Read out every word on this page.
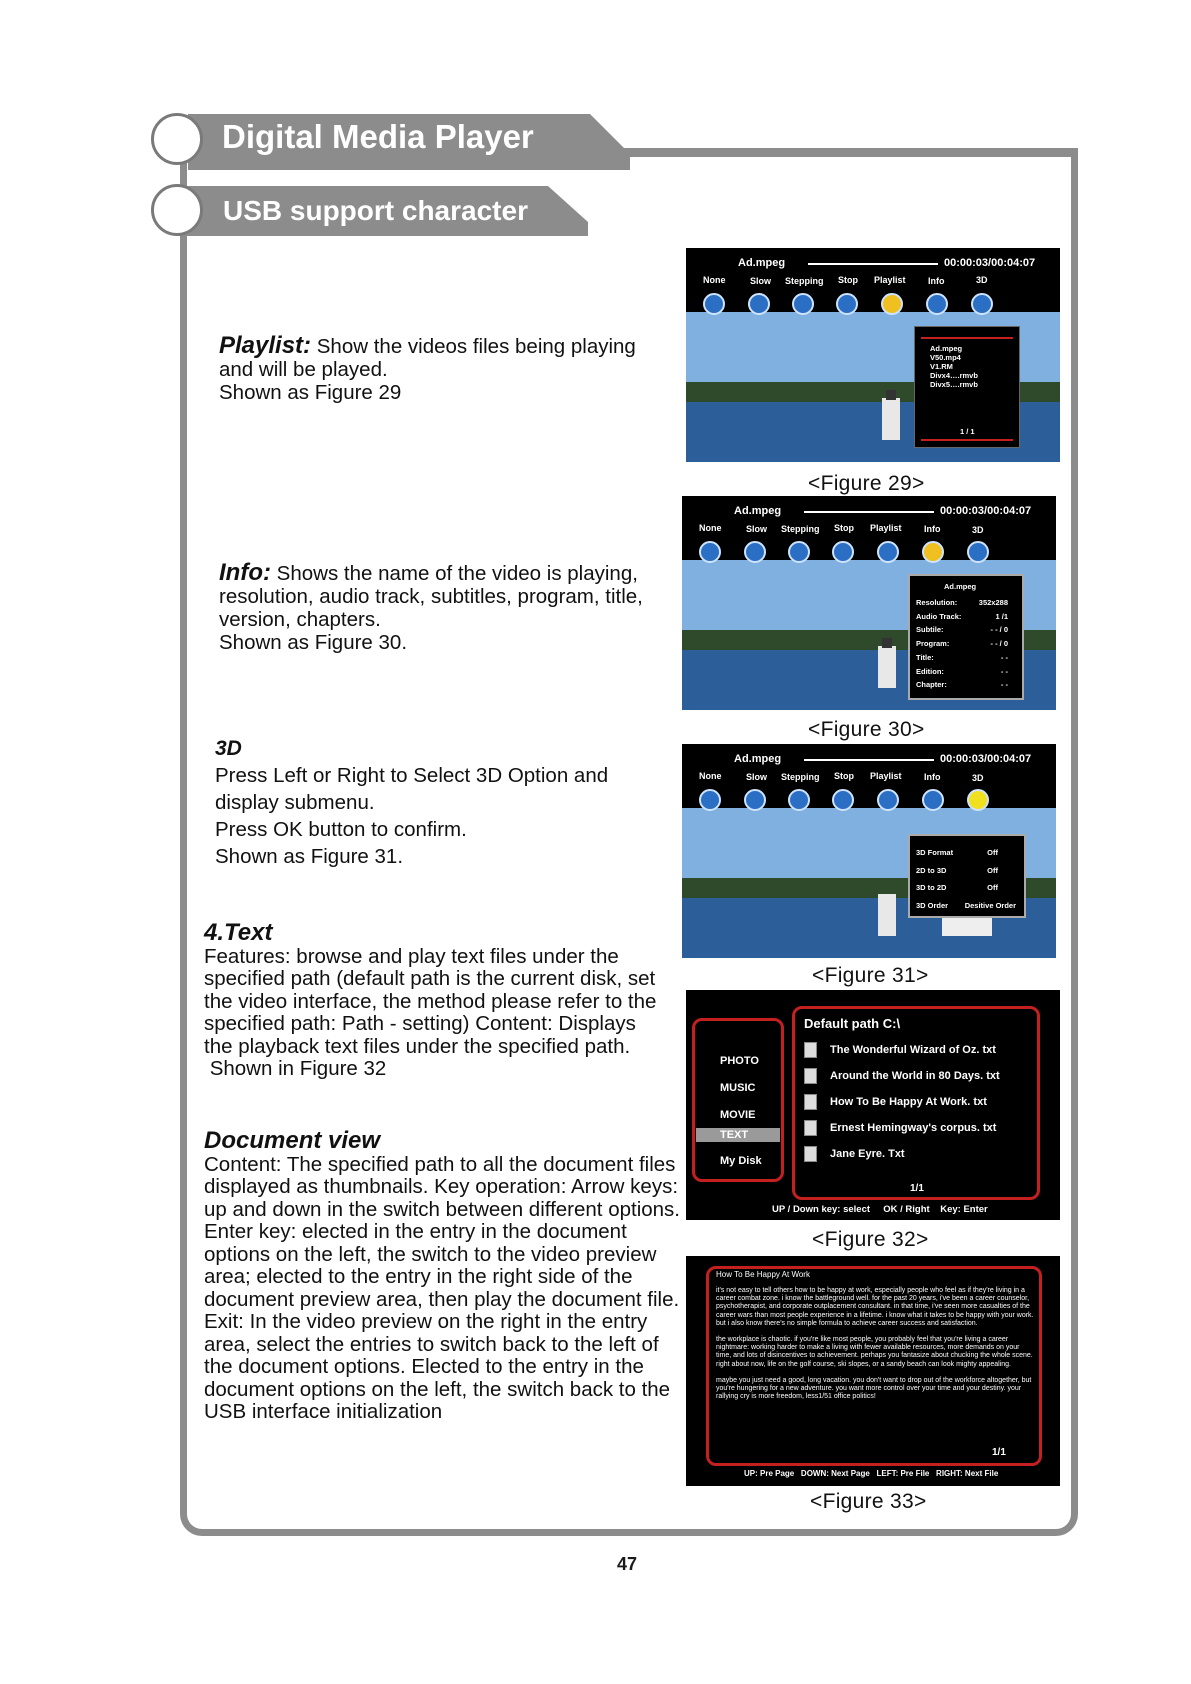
Digital Media Player
USB support character
Playlist: Show the videos files being playing and will be played.
Shown as Figure 29
Info: Shows the name of the video is playing, resolution, audio track, subtitles, program, title, version, chapters.
Shown as Figure 30.
3D
Press Left or Right to Select 3D Option and
display submenu.
Press OK button to confirm.
Shown as Figure 31.
4.Text
Features: browse and play text files under the specified path (default path is the current disk, set the video interface, the method please refer to the specified path: Path - setting) Content: Displays the playback text files under the specified path.
Shown in Figure 32
Document view
Content: The specified path to all the document files displayed as thumbnails. Key operation: Arrow keys: up and down in the switch between different options. Enter key: elected in the entry in the document options on the left, the switch to the video preview area; elected to the entry in the right side of the document preview area, then play the document file. Exit: In the video preview on the right in the entry area, select the entries to switch back to the left of the document options. Elected to the entry in the document options on the left, the switch back to the USB interface initialization
Ad.mpeg	00:00:03/00:04:07
None	Slow Stepping Stop Playlist Info	3D
Ad.mpeg
V50.mp4
V1.RM
Divx4….rmvb
Divx5….rmvb
1 / 1
<Figure 29>
Ad.mpeg	00:00:03/00:04:07
None	Slow Stepping Stop Playlist Info	3D
Ad.mpeg
Resolution:	352x288
Audio Track:	1 /1
Subtile:	- - / 0
Program:	- - / 0
Title:	- -
Edition:	- -
Chapter:	- -
<Figure 30>
Ad.mpeg	00:00:03/00:04:07
None	Slow Stepping Stop Playlist Info	3D
3D Format	Off
2D to 3D	Off
3D to 2D	Off
3D Order Desitive Order
<Figure 31>
PHOTO
MUSIC
MOVIE
TEXT
My Disk
Default path C:\
The Wonderful Wizard of Oz. txt
Around the World in 80 Days. txt
How To Be Happy At Work. txt
Ernest Hemingway's corpus. txt
Jane Eyre. Txt
1/1
UP / Down key: select     OK / Right    Key: Enter
<Figure 32>
How To Be Happy At Work
it's not easy to tell others how to be happy at work, especially people who feel as if they're living in a career combat zone. i know the battleground well. for the past 20 years, i've been a career counselor, psychotherapist, and corporate outplacement consultant. in that time, i've seen more casualties of the career wars than most people experience in a lifetime. i know what it takes to be happy with your work. but i also know there's no simple formula to achieve career success and satisfaction.
the workplace is chaotic. if you're like most people, you probably feel that you're living a career nightmare: working harder to make a living with fewer available resources, more demands on your time, and lots of disincentives to achievement. perhaps you fantasize about chucking the whole scene. right about now, life on the golf course, ski slopes, or a sandy beach can look mighty appealing.
maybe you just need a good, long vacation. you don't want to drop out of the workforce altogether, but you're hungering for a new adventure. you want more control over your time and your destiny. your rallying cry is more freedom, less1/51 office politics!
1/1
UP: Pre Page   DOWN: Next Page   LEFT: Pre File   RIGHT: Next File
<Figure 33>
47
